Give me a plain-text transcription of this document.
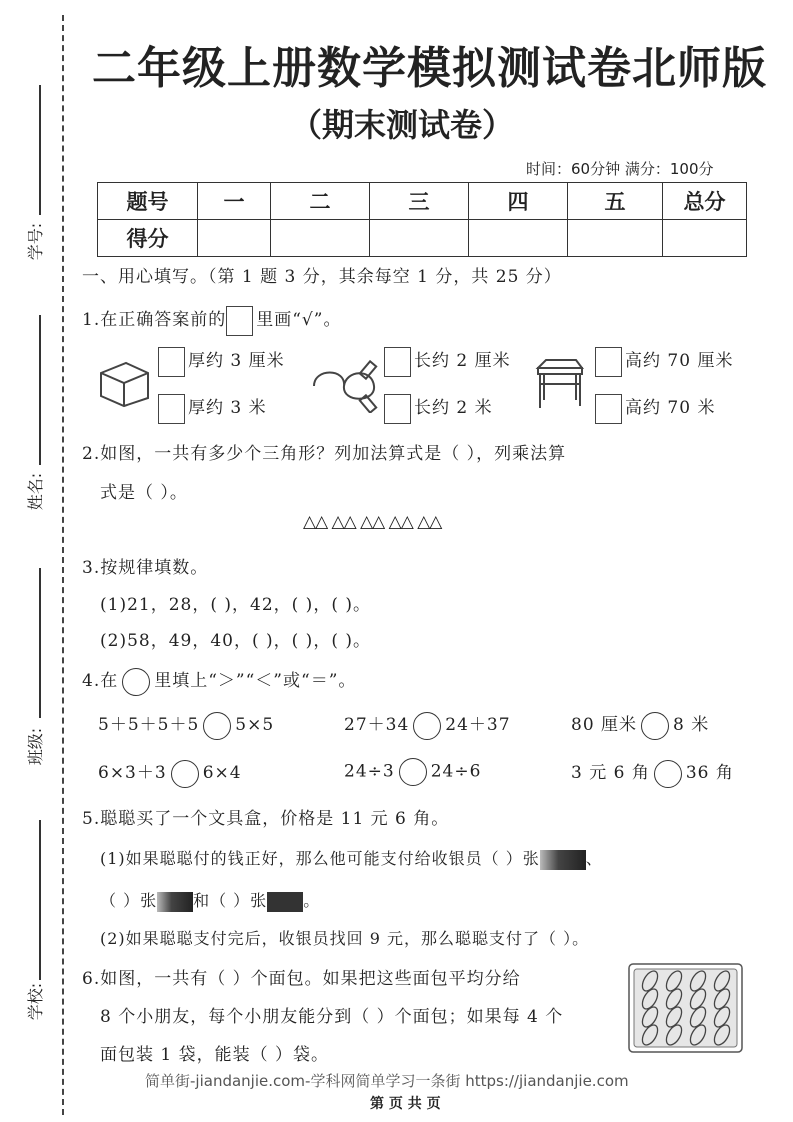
学号:
姓名:
班级:
学校:
二年级上册数学模拟测试卷北师版
（期末测试卷）
时间：60分钟 满分：100分
题号	一	二	三	四	五	总分
得分						
一、用心填写。（第 1 题 3 分，其余每空 1 分，共 25 分）
1.在正确答案前的 里画“√”。
厚约 3 厘米
厚约 3 米
长约 2 厘米
长约 2 米
高约 70 厘米
高约 70 米
2.如图，一共有多少个三角形？列加法算式是（ ），列乘法算
式是（ ）。
△△ △△ △△ △△ △△
3.按规律填数。
(1)21，28，( )，42，( )，( )。
(2)58，49，40，( )，( )，( )。
4.在 里填上“＞”“＜”或“＝”。
5＋5＋5＋5 5×5	27＋34 24＋37	80 厘米 8 米
6×3＋3 6×4	24÷3 24÷6	3 元 6 角 36 角
5.聪聪买了一个文具盒，价格是 11 元 6 角。
(1)如果聪聪付的钱正好，那么他可能支付给收银员（ ）张	、
（ ）张 和（ ）张 。
(2)如果聪聪支付完后，收银员找回 9 元，那么聪聪支付了（ ）。
6.如图，一共有（ ）个面包。如果把这些面包平均分给
8 个小朋友，每个小朋友能分到（ ）个面包；如果每 4 个
面包装 1 袋，能装（ ）袋。
简单街-jiandanjie.com-学科网简单学习一条街 https://jiandanjie.com
第 页 共 页
